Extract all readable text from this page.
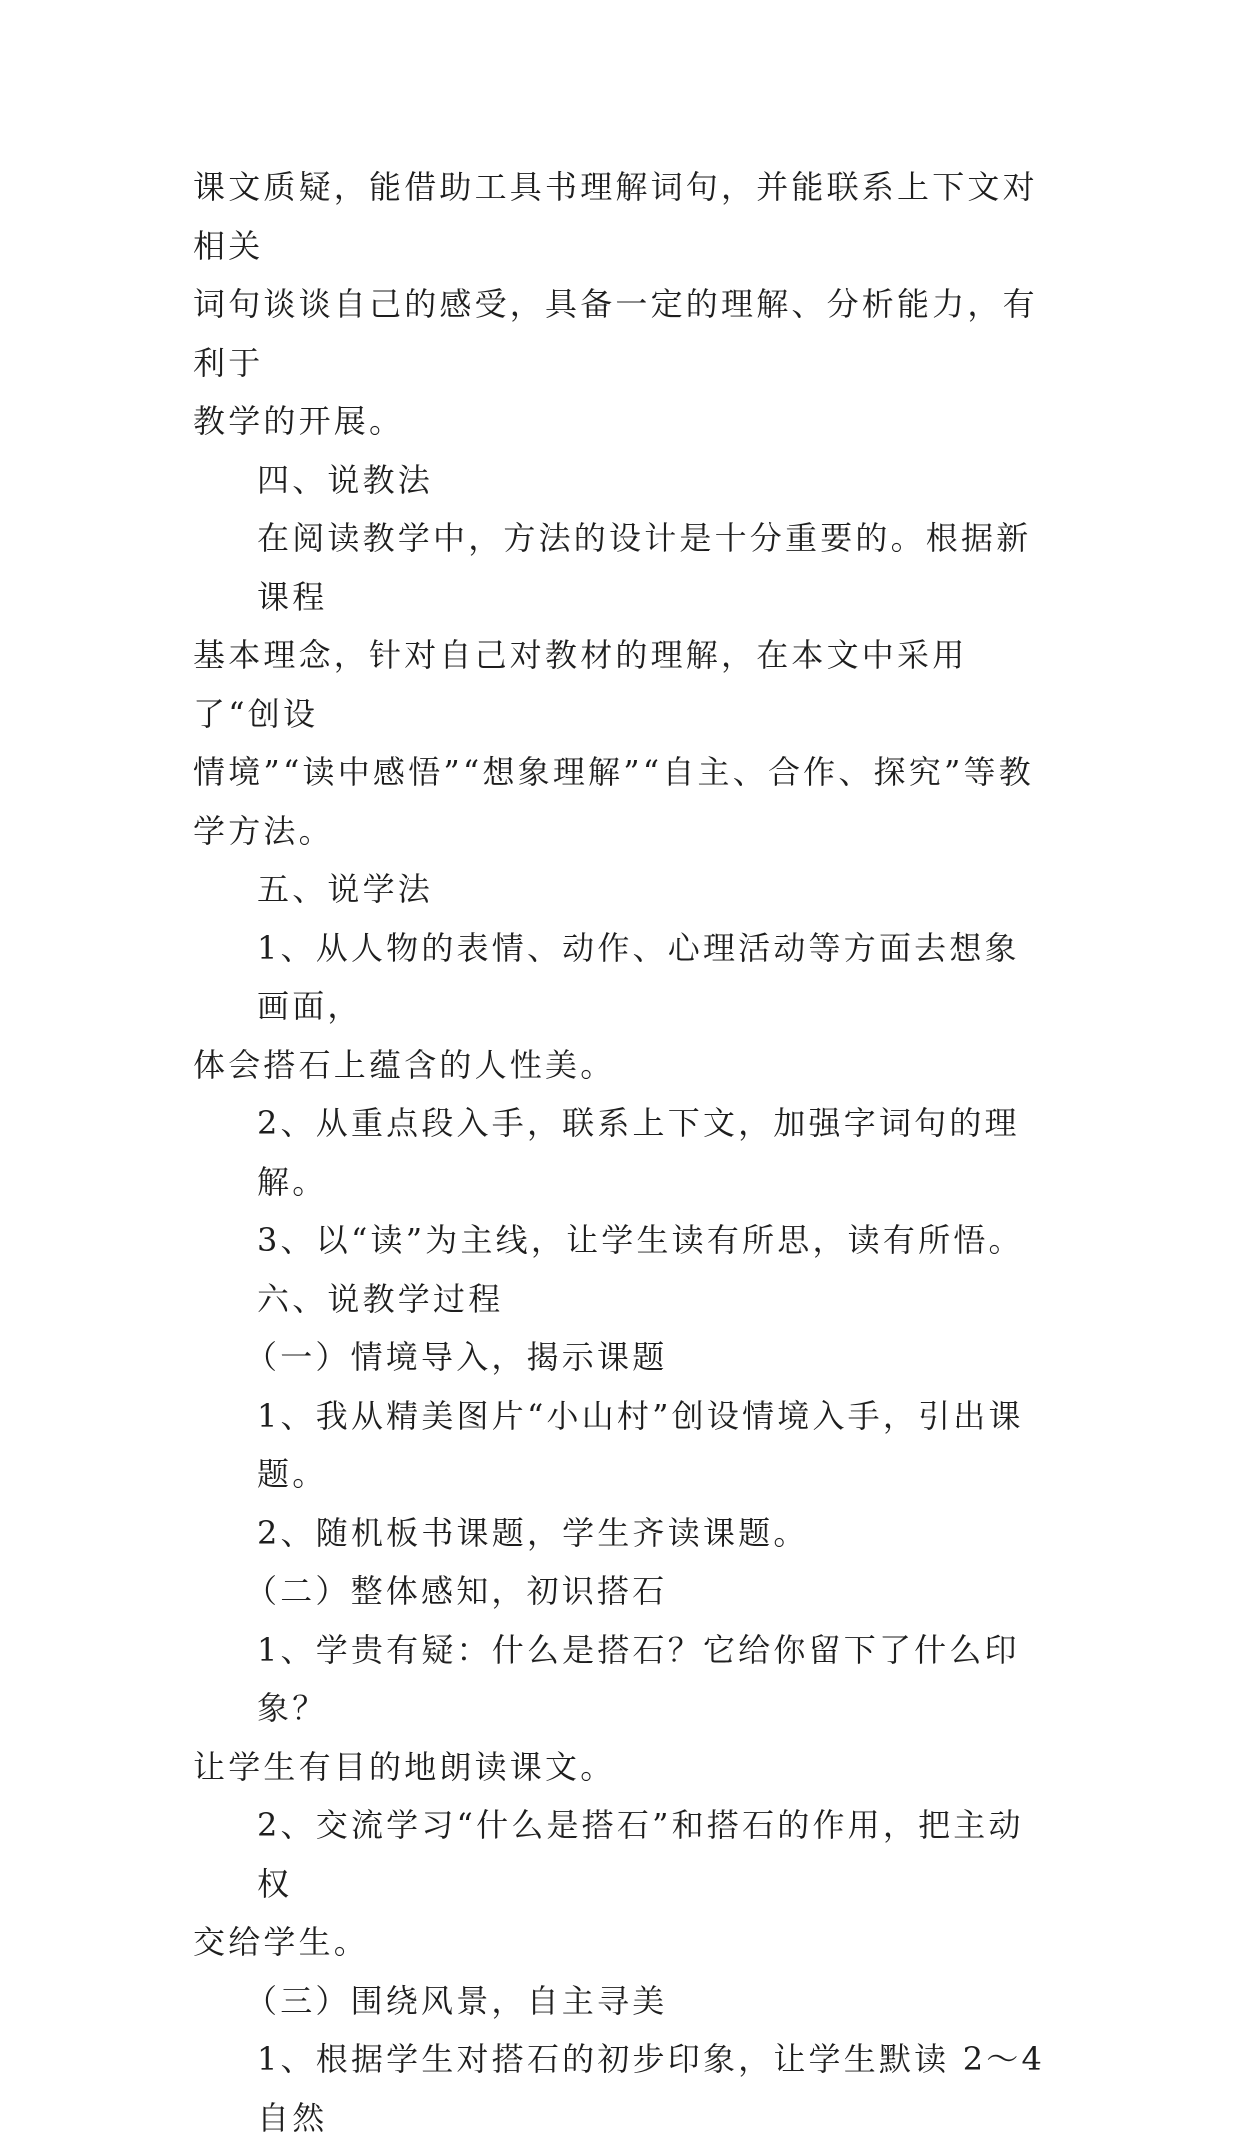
课文质疑，能借助工具书理解词句，并能联系上下文对相关
词句谈谈自己的感受，具备一定的理解、分析能力，有利于
教学的开展。

四、说教法

在阅读教学中，方法的设计是十分重要的。根据新课程
基本理念，针对自己对教材的理解，在本文中采用了“创设
情境”“读中感悟”“想象理解”“自主、合作、探究”等教
学方法。

五、说学法

1、从人物的表情、动作、心理活动等方面去想象画面，
体会搭石上蕴含的人性美。

2、从重点段入手，联系上下文，加强字词句的理解。

3、以“读”为主线，让学生读有所思，读有所悟。

六、说教学过程

（一）情境导入，揭示课题

1、我从精美图片“小山村”创设情境入手，引出课题。

2、随机板书课题，学生齐读课题。

（二）整体感知，初识搭石

1、学贵有疑：什么是搭石？它给你留下了什么印象？
让学生有目的地朗读课文。

2、交流学习“什么是搭石”和搭石的作用，把主动权
交给学生。

（三）围绕风景，自主寻美

1、根据学生对搭石的初步印象，让学生默读 2～4 自然
